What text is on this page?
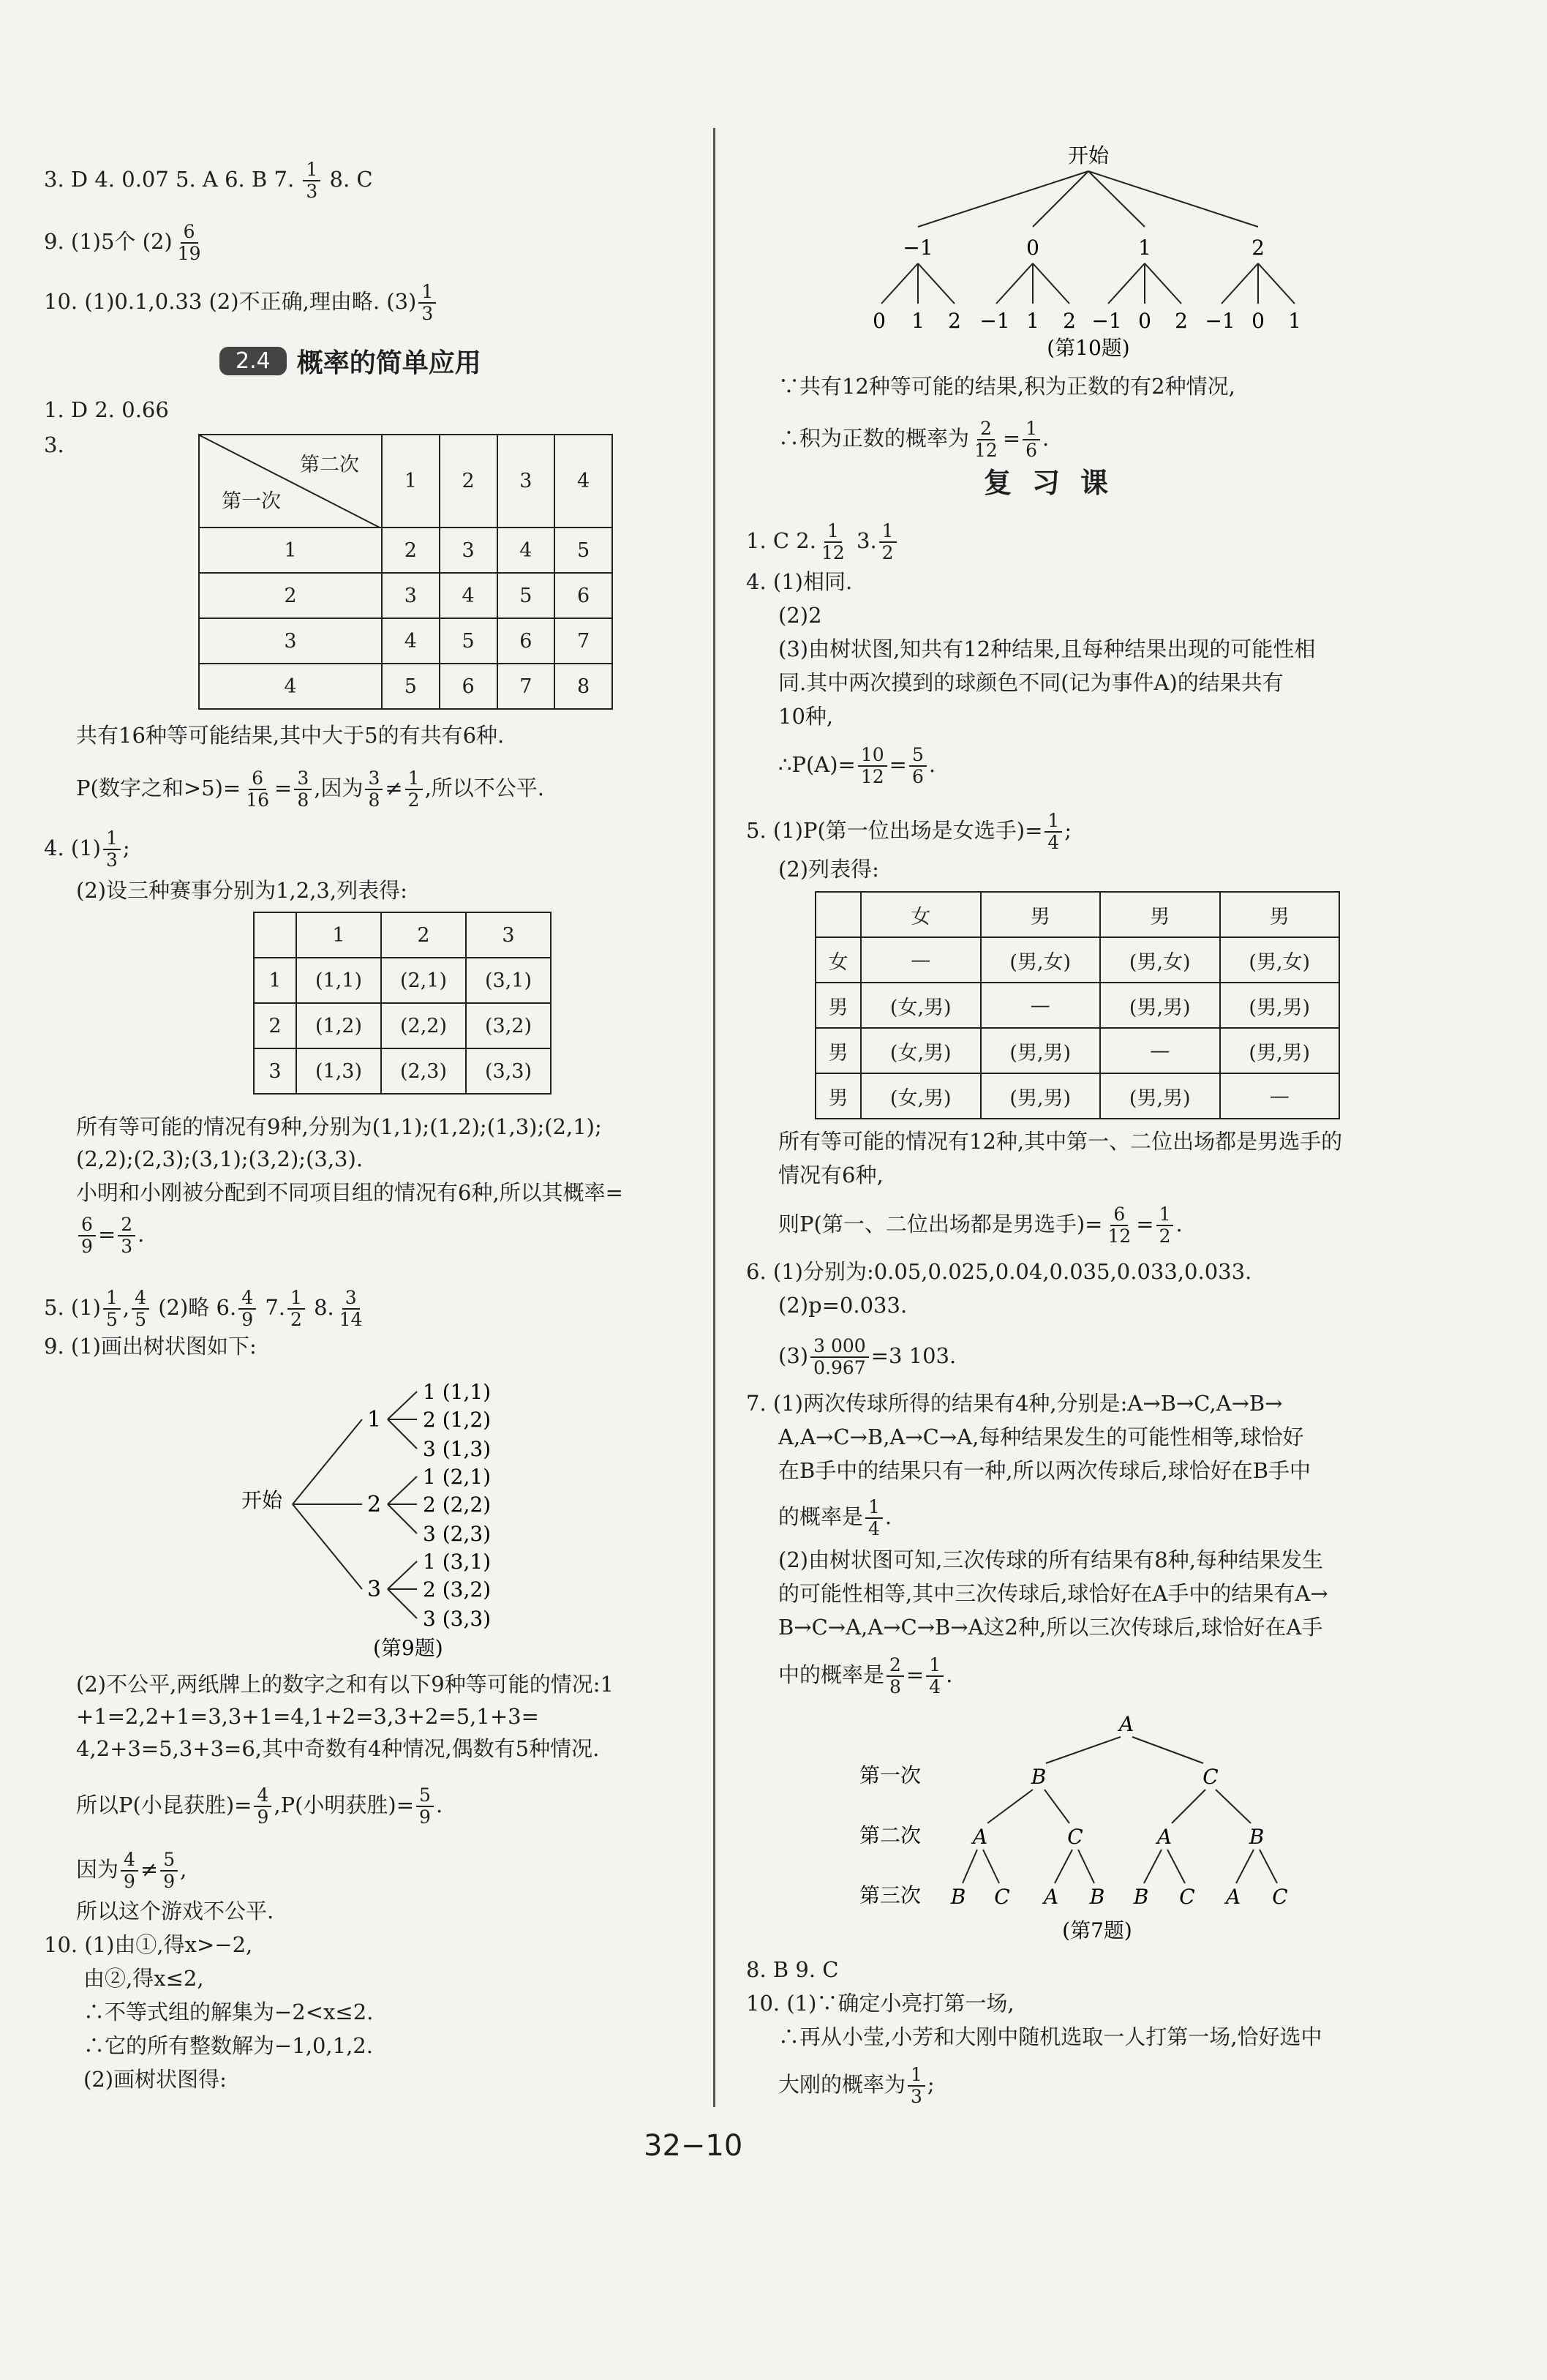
3. D 4. 0.07 5. A 6. B 7. $\frac{1}{3} 8$. C
9. (1)5个 $(2) \frac{6}{19}$
10. (1)0.1,0.33 (2)不正确,理由略. $(3) \frac{1}{3}$
2.4	概率的简单应用
1. D 2. 0.66
3.
第二次
第一次	1	2	3	4
1	2	3	4	5
2	3	4	5	6
3	4	5	6	7
4	5	6	7	8
共有16种等可能结果,其中大于5的有共有6种.
P(数字之和$>5)= \frac{6}{16} = \frac{3}{8}$ ,因为 $\frac{3}{8} \ne \frac{1}{2}$ ,所以不公平.
4. $(1) \frac{1}{3}$ ;
(2)设三种赛事分别为1,2,3,列表得:
	1	2	3
1	(1,1)	(2,1)	(3,1)
2	(1,2)	(2,2)	(3,2)
3	(1,3)	(2,3)	(3,3)
所有等可能的情况有9种,分别为(1,1);(1,2);(1,3);(2,1);
(2,2);(2,3);(3,1);(3,2);(3,3).
小明和小刚被分配到不同项目组的情况有6种,所以其概率=
$\frac{6}{9} = \frac{2}{3}$ .
5. $(1) \frac{1}{5}$ , $\frac{4}{5} (2)$略 6. $\frac{4}{9} 7$. $\frac{1}{2} 8$. $\frac{3}{14}$
9. (1)画出树状图如下:
开始
1
2
3
1 (1,1)
2 (1,2)
3 (1,3)
1 (2,1)
2 (2,2)
3 (2,3)
1 (3,1)
2 (3,2)
3 (3,3)
(第9题)
(2)不公平,两纸牌上的数字之和有以下9种等可能的情况:1
+1=2,2+1=3,3+1=4,1+2=3,3+2=5,1+3=
4,2+3=5,3+3=6,其中奇数有4种情况,偶数有5种情况.
所以P(小昆获胜)= $\frac{4}{9} ,P$(小明获胜)= $\frac{5}{9}$ .
因为 $\frac{4}{9} \ne \frac{5}{9}$ ,
所以这个游戏不公平.
10. (1)由①,得x>−2,
由②,得x≤2,
∴不等式组的解集为−2<x≤2.
∴它的所有整数解为−1,0,1,2.
(2)画树状图得:
开始
−1	0	1	2
0 1 2 −1 1 2 −1 0 2 −1 0 1
(第10题)
∵共有12种等可能的结果,积为正数的有2种情况,
∴积为正数的概率为 $\frac{2}{12} = \frac{1}{6}$ .
复习课
1. C 2. $\frac{1}{12} 3$. $\frac{1}{2}$
4. (1)相同.
(2)2
(3)由树状图,知共有12种结果,且每种结果出现的可能性相
同.其中两次摸到的球颜色不同(记为事件A)的结果共有
10种,
∴P(A)= $\frac{10}{12} = \frac{5}{6}$ .
5. (1)P(第一位出场是女选手)= $\frac{1}{4}$ ;
(2)列表得:
	女	男	男	男
女	—	(男,女)	(男,女)	(男,女)
男	(女,男)	—	(男,男)	(男,男)
男	(女,男)	(男,男)	—	(男,男)
男	(女,男)	(男,男)	(男,男)	—
所有等可能的情况有12种,其中第一、二位出场都是男选手的
情况有6种,
则P(第一、二位出场都是男选手)= $\frac{6}{12} = \frac{1}{2}$ .
6. (1)分别为:0.05,0.025,0.04,0.035,0.033,0.033.
(2)p=0.033.
$(3) \frac{3 000}{0.967} =3$ 103.
7. (1)两次传球所得的结果有4种,分别是:A→B→C,A→B→
A,A→C→B,A→C→A,每种结果发生的可能性相等,球恰好
在B手中的结果只有一种,所以两次传球后,球恰好在B手中
的概率是 $\frac{1}{4}$ .
(2)由树状图可知,三次传球的所有结果有8种,每种结果发生
的可能性相等,其中三次传球后,球恰好在A手中的结果有A→
B→C→A,A→C→B→A这2种,所以三次传球后,球恰好在A手
中的概率是 $\frac{2}{8} = \frac{1}{4}$ .
A
B	C
A	C	A	B
B C A B B C A C
第一次
第二次
第三次
(第7题)
8. B 9. C
10. (1)∵确定小亮打第一场,
∴再从小莹,小芳和大刚中随机选取一人打第一场,恰好选中
大刚的概率为 $\frac{1}{3}$ ;
32−10
